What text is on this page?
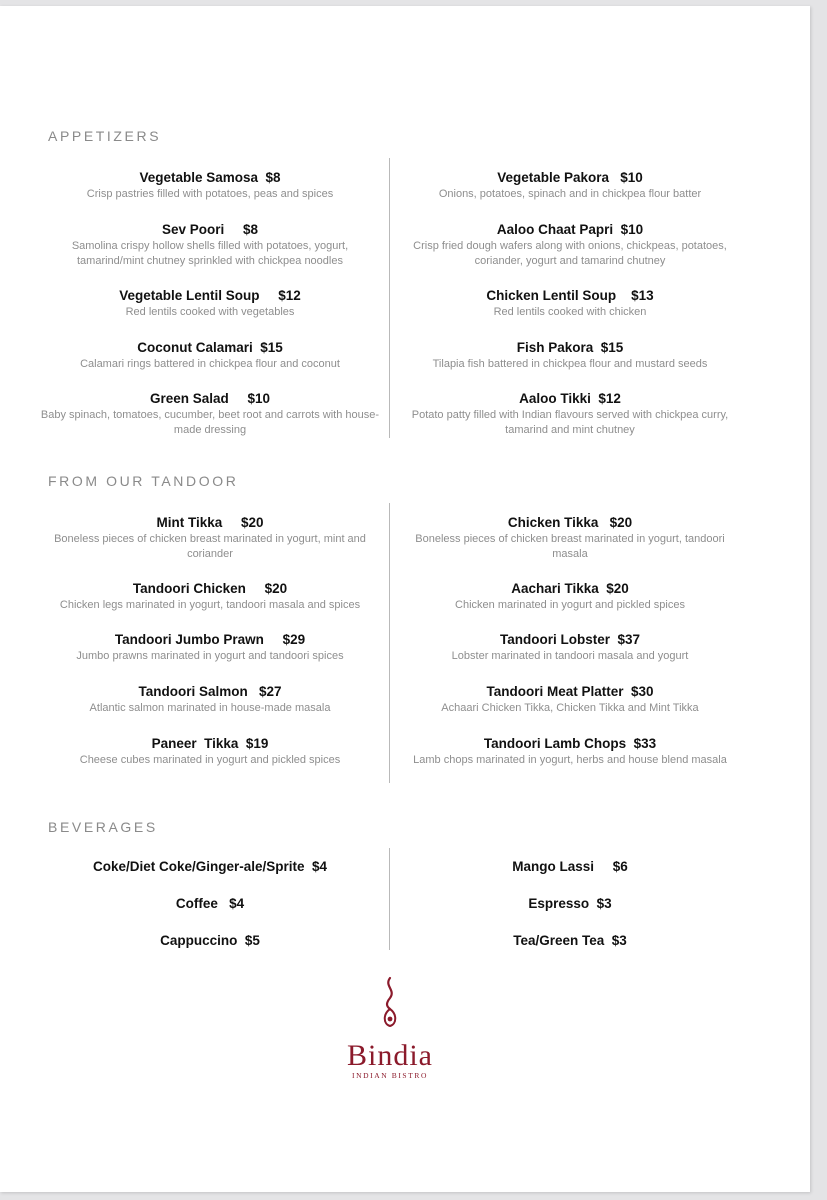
APPETIZERS
Vegetable Samosa  $8
Crisp pastries filled with potatoes, peas and spices
Sev Poori     $8
Samolina crispy hollow shells filled with potatoes, yogurt, tamarind/mint chutney sprinkled with chickpea noodles
Vegetable Lentil Soup     $12
Red lentils cooked with vegetables
Coconut Calamari  $15
Calamari rings battered in chickpea flour and coconut
Green Salad     $10
Baby spinach, tomatoes, cucumber, beet root and carrots with house-made dressing
Vegetable Pakora   $10
Onions, potatoes, spinach and in chickpea flour batter
Aaloo Chaat Papri  $10
Crisp fried dough wafers along with onions, chickpeas, potatoes, coriander, yogurt and tamarind chutney
Chicken Lentil Soup    $13
Red lentils cooked with chicken
Fish Pakora  $15
Tilapia fish battered in chickpea flour and mustard seeds
Aaloo Tikki  $12
Potato patty filled with Indian flavours served with chickpea curry, tamarind and mint chutney
FROM OUR TANDOOR
Mint Tikka     $20
Boneless pieces of chicken breast marinated in yogurt, mint and coriander
Tandoori Chicken     $20
Chicken legs marinated in yogurt, tandoori masala and spices
Tandoori Jumbo Prawn     $29
Jumbo prawns marinated in yogurt and tandoori spices
Tandoori Salmon   $27
Atlantic salmon marinated in house-made masala
Paneer  Tikka  $19
Cheese cubes marinated in yogurt and pickled spices
Chicken Tikka   $20
Boneless pieces of chicken breast marinated in yogurt, tandoori masala
Aachari Tikka  $20
Chicken marinated in yogurt and pickled spices
Tandoori Lobster  $37
Lobster marinated in tandoori masala and yogurt
Tandoori Meat Platter  $30
Achaari Chicken Tikka, Chicken Tikka and Mint Tikka
Tandoori Lamb Chops  $33
Lamb chops marinated in yogurt, herbs and house blend masala
BEVERAGES
Coke/Diet Coke/Ginger-ale/Sprite  $4
Coffee   $4
Cappuccino  $5
Mango Lassi     $6
Espresso  $3
Tea/Green Tea  $3
Bindia
INDIAN BISTRO
